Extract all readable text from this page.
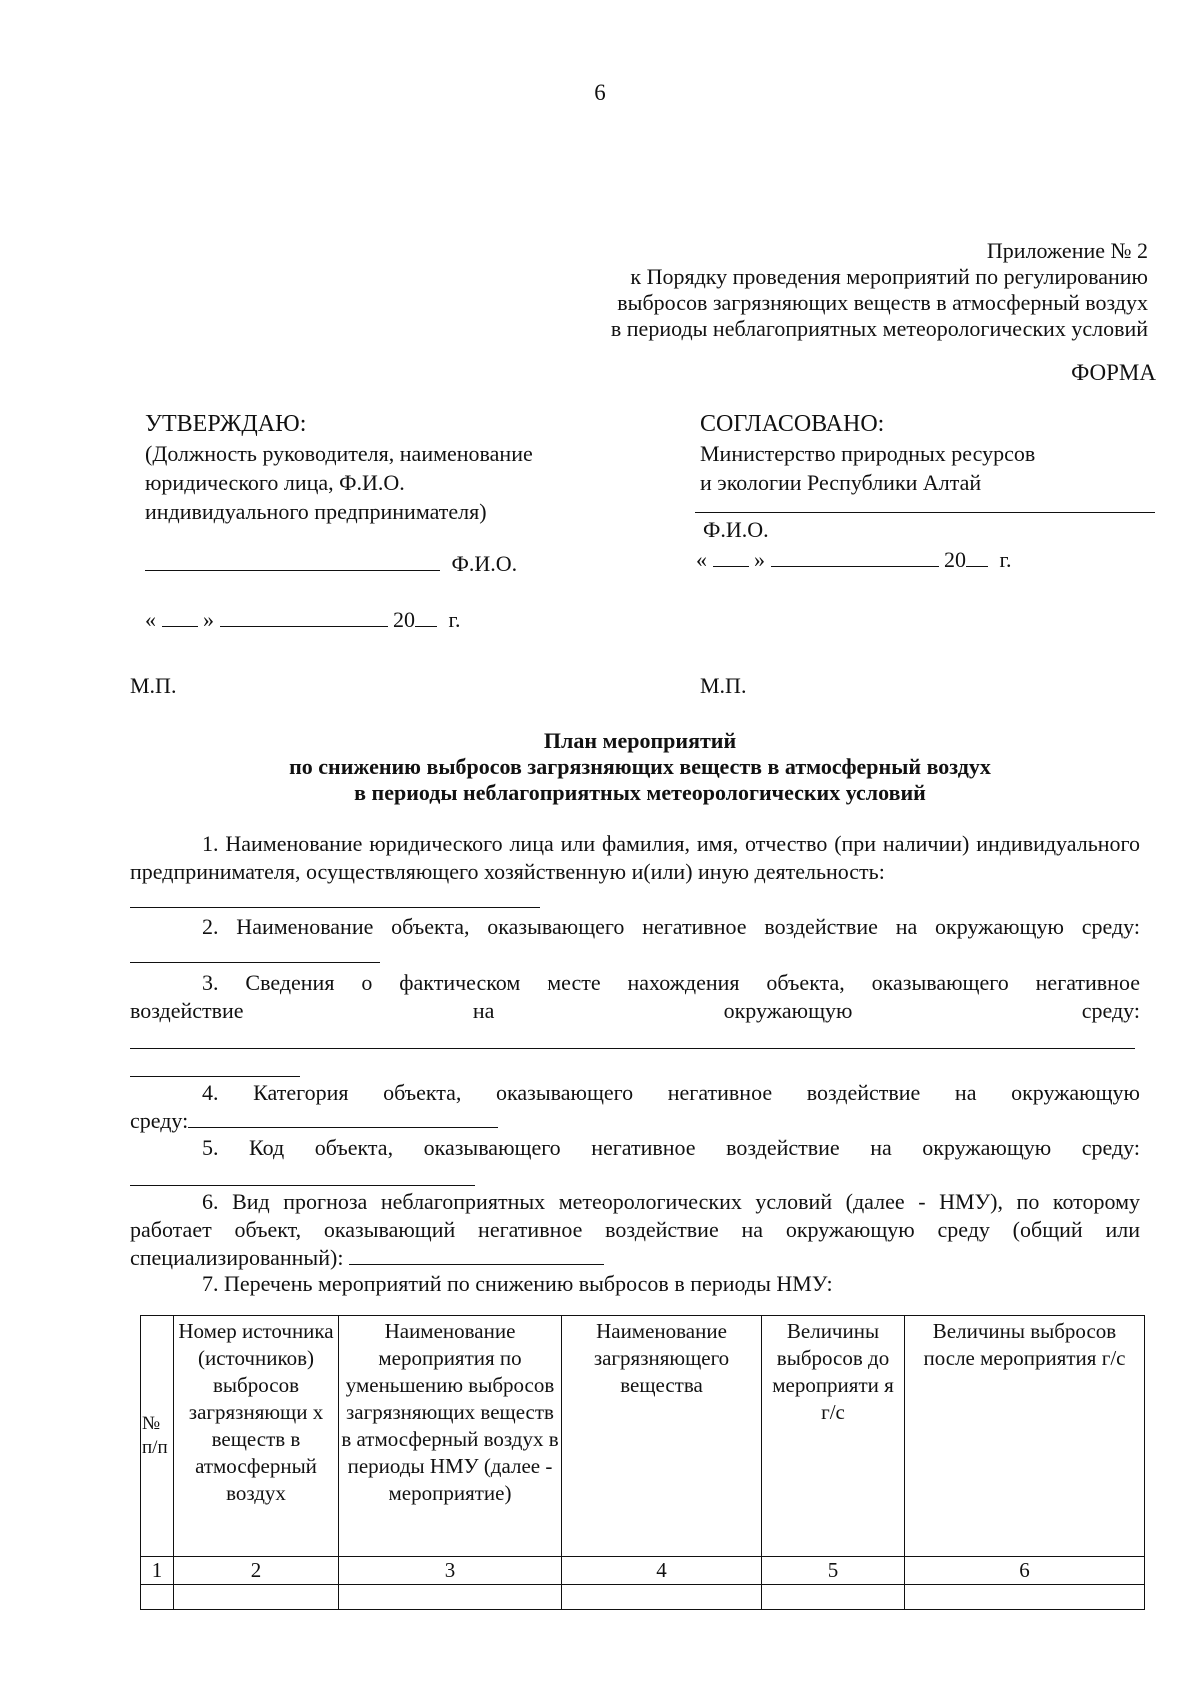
6
Приложение № 2
к Порядку проведения мероприятий по регулированию
выбросов загрязняющих веществ в атмосферный воздух
в периоды неблагоприятных метеорологических условий
ФОРМА
УТВЕРЖДАЮ:
(Должность руководителя, наименование
юридического лица, Ф.И.О.
индивидуального предпринимателя)
Ф.И.О.
« »	20 г.
М.П.
СОГЛАСОВАНО:
Министерство природных ресурсов
и экологии Республики Алтай
Ф.И.О.
« »	20 г.
М.П.
План мероприятий
по снижению выбросов загрязняющих веществ в атмосферный воздух
в периоды неблагоприятных метеорологических условий
1. Наименование юридического лица или фамилия, имя, отчество (при наличии) индивидуального предпринимателя, осуществляющего хозяйственную и(или) иную деятельность:
2. Наименование объекта, оказывающего негативное воздействие на окружающую среду:
3. Сведения о фактическом месте нахождения объекта, оказывающего негативное
воздействие	на	окружающую	среду:
4. Категория объекта, оказывающего негативное воздействие на окружающую
среду:
5. Код объекта, оказывающего негативное воздействие на окружающую среду:
6. Вид прогноза неблагоприятных метеорологических условий (далее - НМУ), по которому работает объект, оказывающий негативное воздействие на окружающую среду (общий или специализированный):
7. Перечень мероприятий по снижению выбросов в периоды НМУ:
№ п/п	Номер источника (источников) выбросов загрязняющи х веществ в атмосферный воздух	Наименование мероприятия по уменьшению выбросов загрязняющих веществ в атмосферный воздух в периоды НМУ (далее - мероприятие)	Наименование загрязняющего вещества	Величины выбросов до мероприяти я г/с	Величины выбросов после мероприятия г/с
1	2	3	4	5	6
